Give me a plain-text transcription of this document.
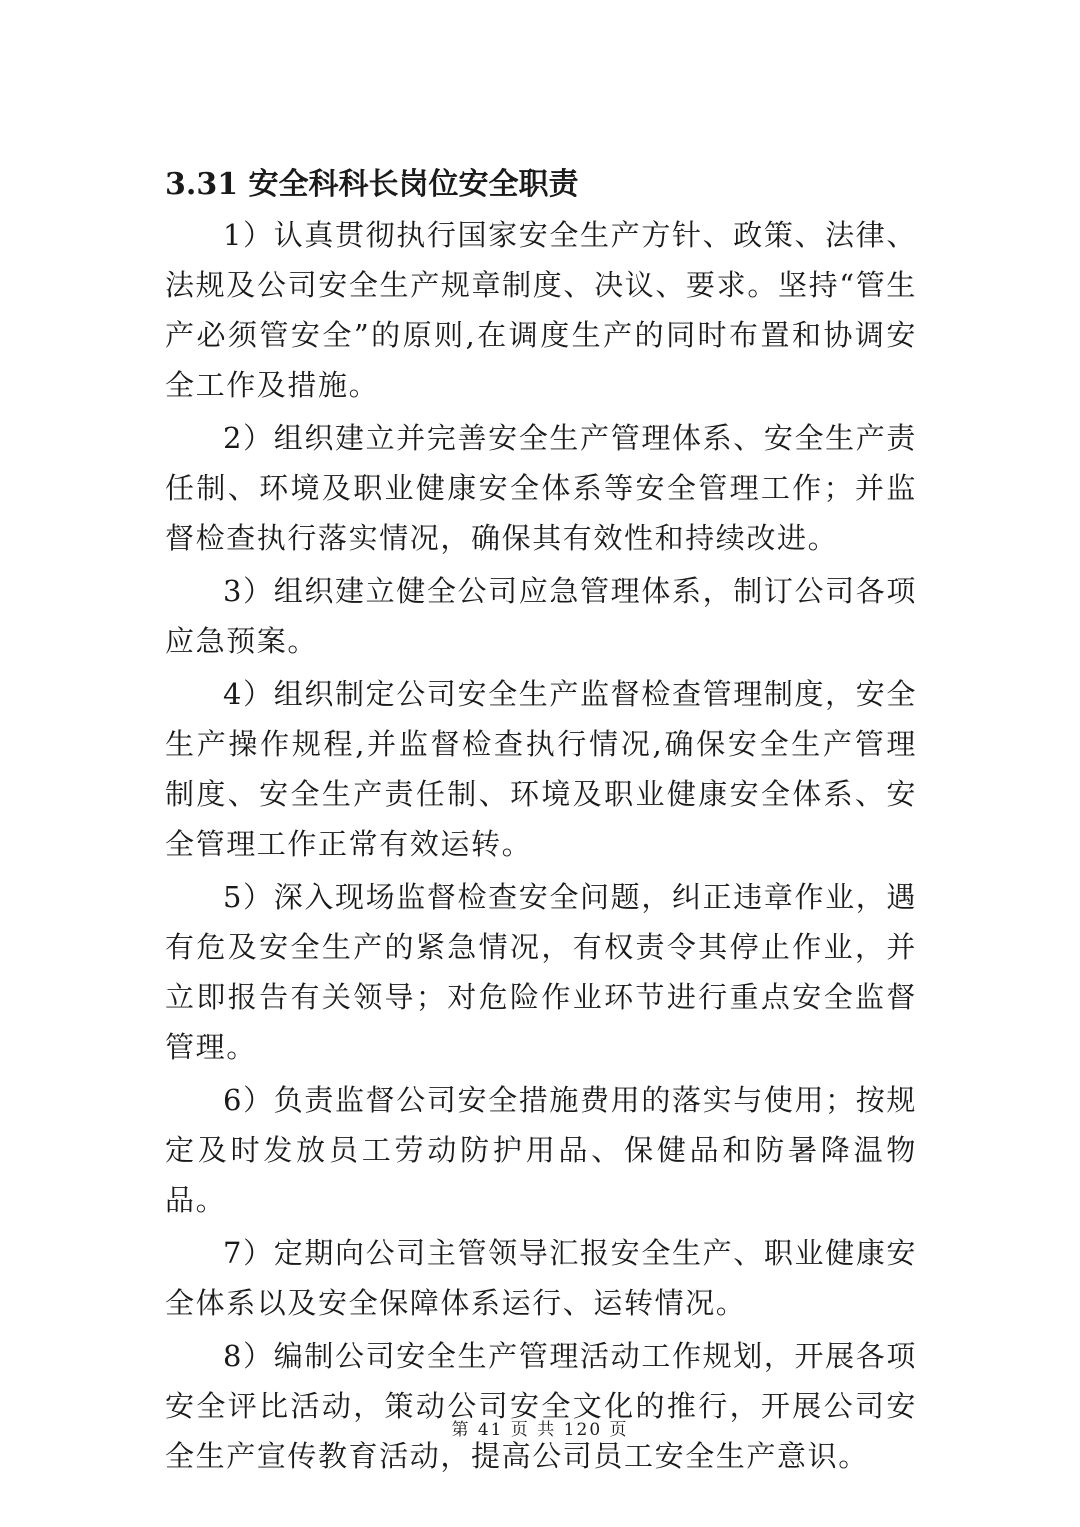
3.31 安全科科长岗位安全职责

1）认真贯彻执行国家安全生产方针、政策、法律、法规及公司安全生产规章制度、决议、要求。坚持“管生产必须管安全”的原则,在调度生产的同时布置和协调安全工作及措施。

2）组织建立并完善安全生产管理体系、安全生产责任制、环境及职业健康安全体系等安全管理工作；并监督检查执行落实情况，确保其有效性和持续改进。

3）组织建立健全公司应急管理体系，制订公司各项应急预案。

4）组织制定公司安全生产监督检查管理制度，安全生产操作规程,并监督检查执行情况,确保安全生产管理制度、安全生产责任制、环境及职业健康安全体系、安全管理工作正常有效运转。

5）深入现场监督检查安全问题，纠正违章作业，遇有危及安全生产的紧急情况，有权责令其停止作业，并立即报告有关领导；对危险作业环节进行重点安全监督管理。

6）负责监督公司安全措施费用的落实与使用；按规定及时发放员工劳动防护用品、保健品和防暑降温物品。

7）定期向公司主管领导汇报安全生产、职业健康安全体系以及安全保障体系运行、运转情况。

8）编制公司安全生产管理活动工作规划，开展各项安全评比活动，策动公司安全文化的推行，开展公司安全生产宣传教育活动，提高公司员工安全生产意识。

第 41 页 共 120 页
